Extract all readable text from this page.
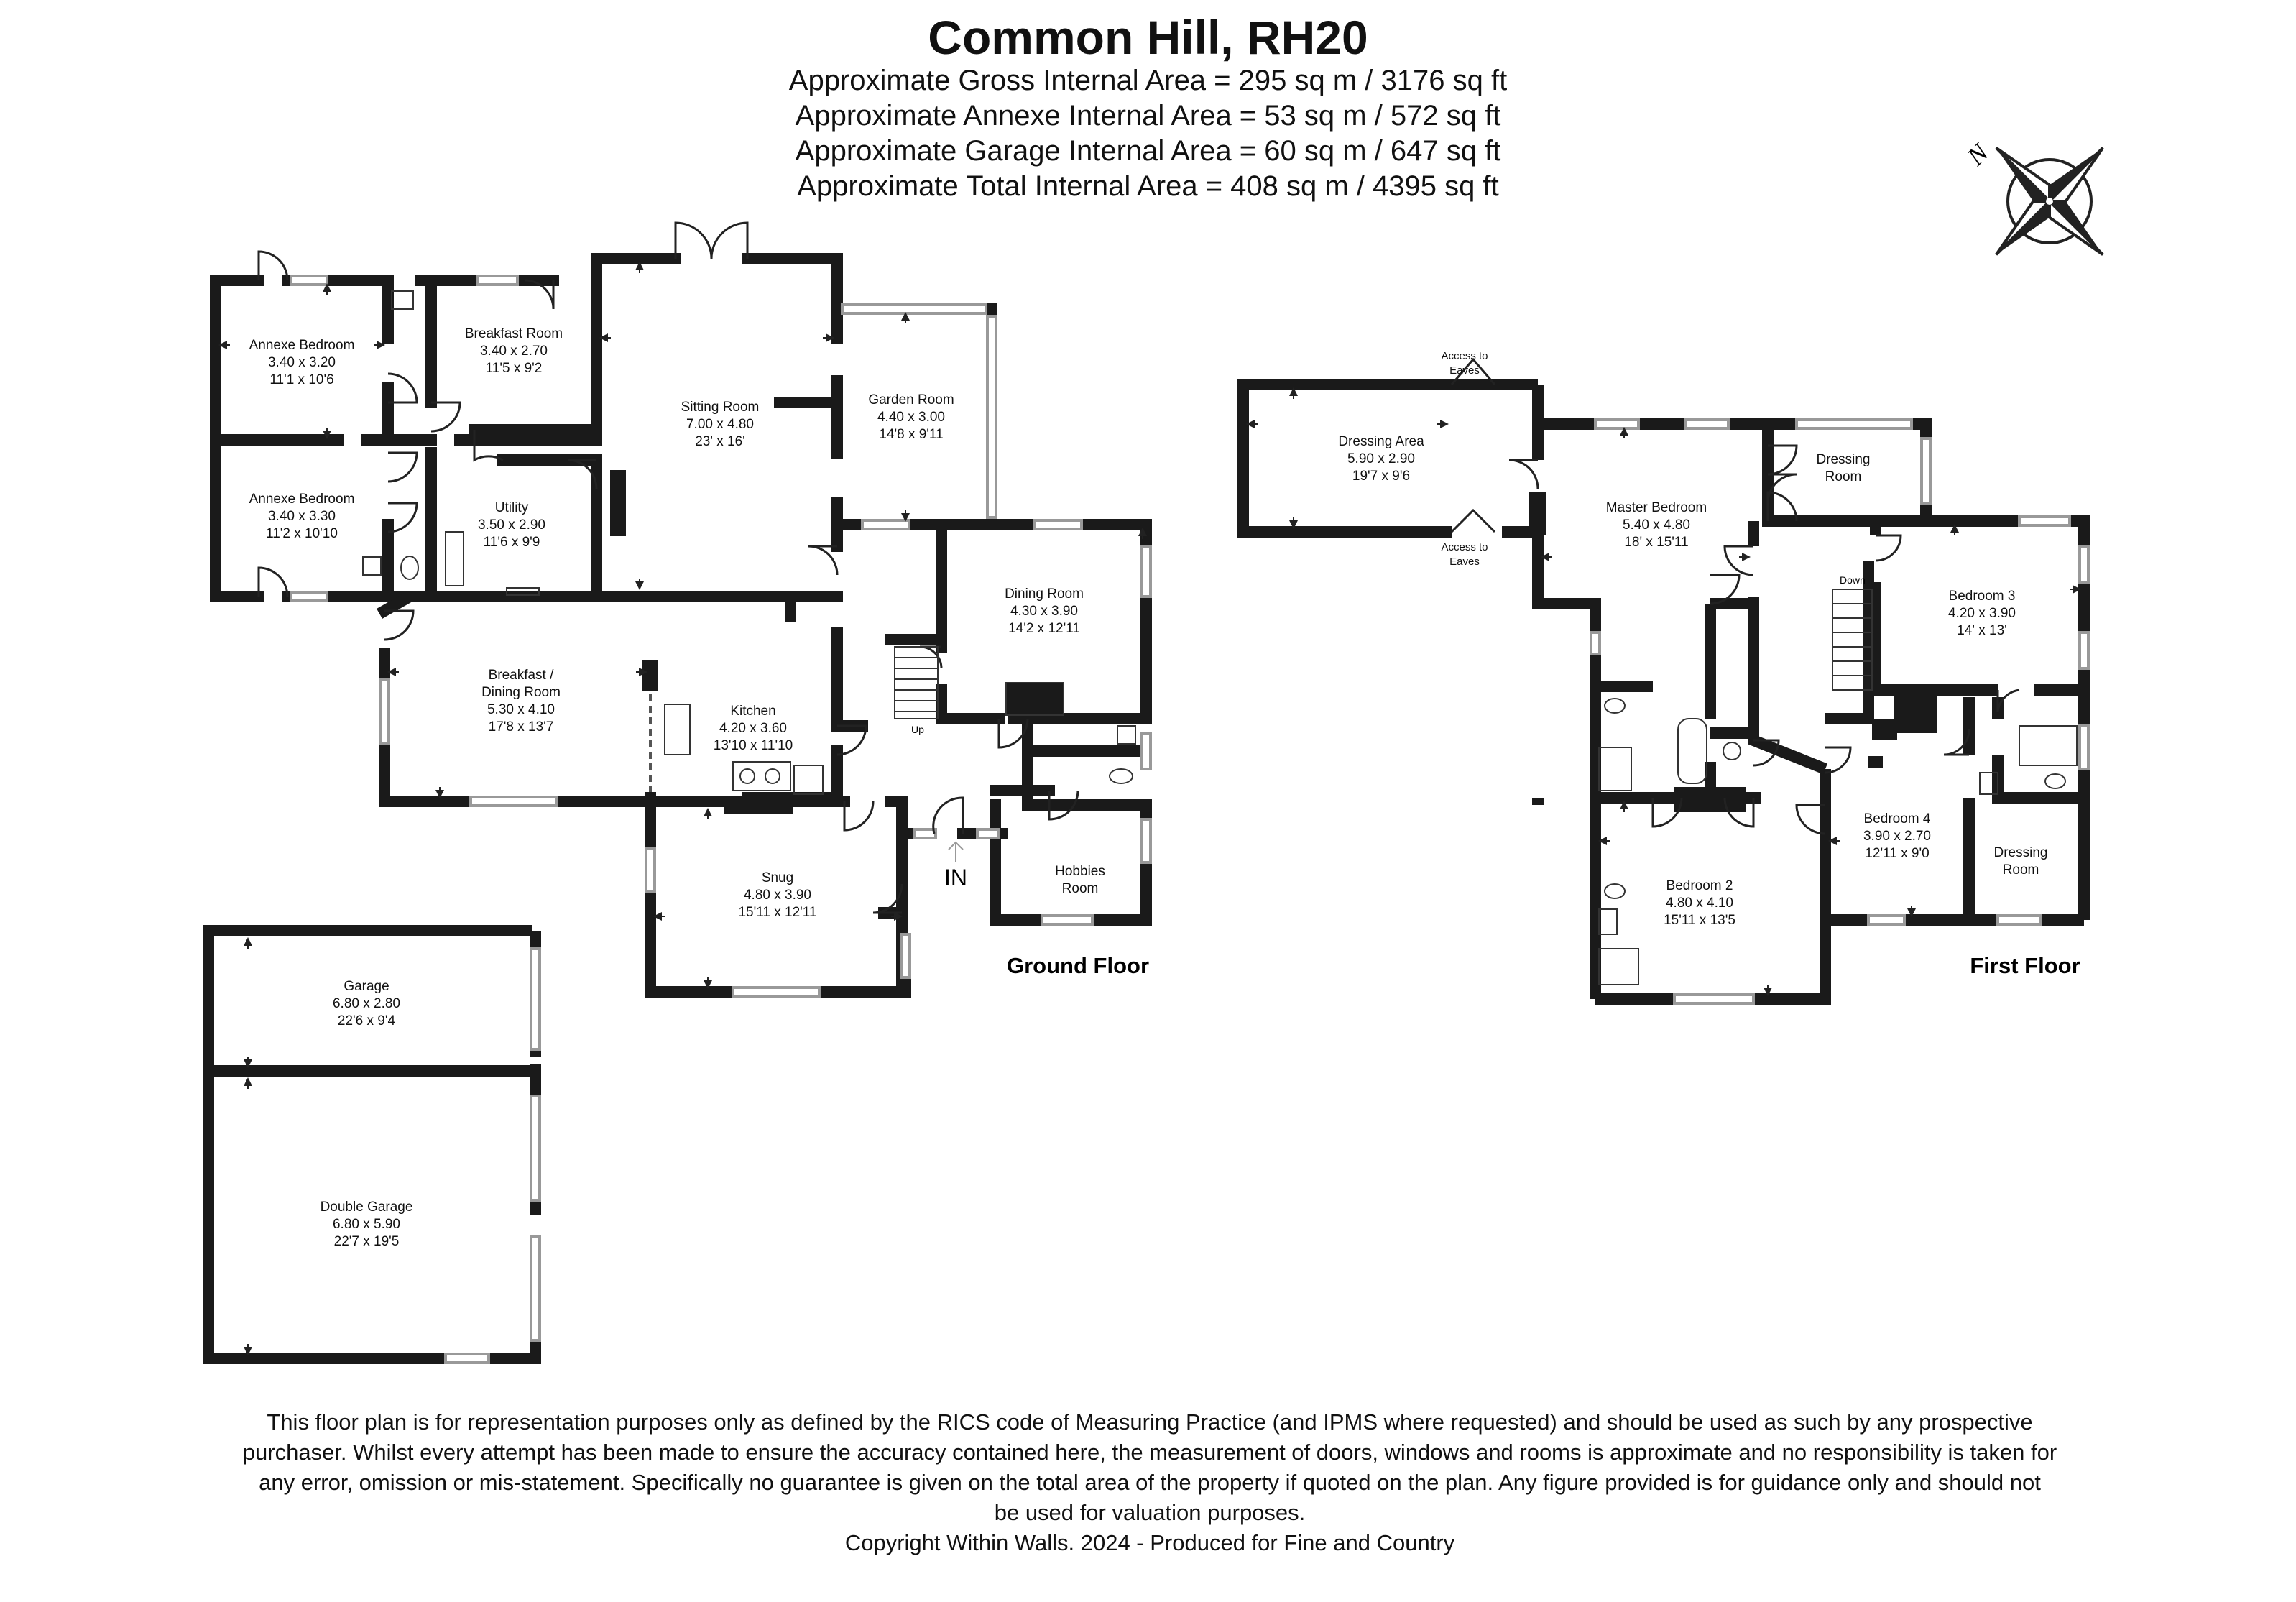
Common Hill, RH20
Approximate Gross Internal Area = 295 sq m / 3176 sq ft
Approximate Annexe Internal Area = 53 sq m / 572 sq ft
Approximate Garage Internal Area = 60 sq m / 647 sq ft
Approximate Total Internal Area = 408 sq m / 4395 sq ft
N
Up
Down
Annexe Bedroom
3.40 x 3.20
11'1 x 10'6
Breakfast Room
3.40 x 2.70
11'5 x 9'2
Annexe Bedroom
3.40 x 3.30
11'2 x 10'10
Utility
3.50 x 2.90
11'6 x 9'9
Sitting Room
7.00 x 4.80
23' x 16'
Garden Room
4.40 x 3.00
14'8 x 9'11
Breakfast /
Dining Room
5.30 x 4.10
17'8 x 13'7
Kitchen
4.20 x 3.60
13'10 x 11'10
Dining Room
4.30 x 3.90
14'2 x 12'11
Snug
4.80 x 3.90
15'11 x 12'11
Hobbies
Room
Garage
6.80 x 2.80
22'6 x 9'4
Double Garage
6.80 x 5.90
22'7 x 19'5
IN
Ground Floor
Access to
Eaves
Access to
Eaves
Dressing Area
5.90 x 2.90
19'7 x 9'6
Master Bedroom
5.40 x 4.80
18' x 15'11
Dressing
Room
Bedroom 3
4.20 x 3.90
14' x 13'
Bedroom 2
4.80 x 4.10
15'11 x 13'5
Bedroom 4
3.90 x 2.70
12'11 x 9'0	Dressing
Room
First Floor
This floor plan is for representation purposes only as defined by the RICS code of Measuring Practice (and IPMS where requested) and should be used as such by any prospective
purchaser. Whilst every attempt has been made to ensure the accuracy contained here, the measurement of doors, windows and rooms is approximate and no responsibility is taken for
any error, omission or mis-statement. Specifically no guarantee is given on the total area of the property if quoted on the plan. Any figure provided is for guidance only and should not
be used for valuation purposes.
Copyright Within Walls. 2024 - Produced for Fine and Country
